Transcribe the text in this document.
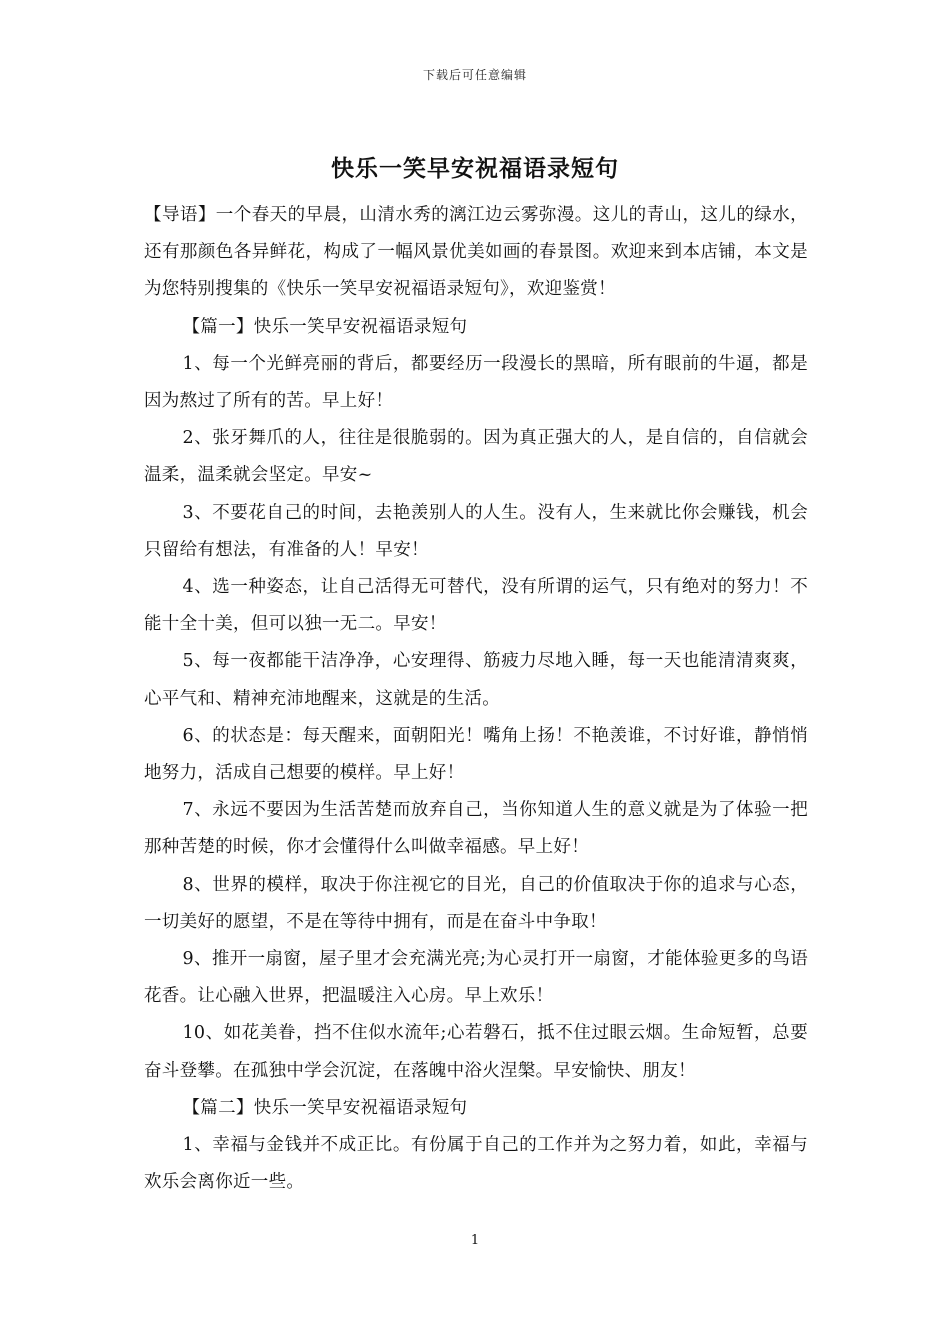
下载后可任意编辑
快乐一笑早安祝福语录短句

【导语】一个春天的早晨，山清水秀的漓江边云雾弥漫。这儿的青山，这儿的绿水，还有那颜色各异鲜花，构成了一幅风景优美如画的春景图。欢迎来到本店铺，本文是为您特别搜集的《快乐一笑早安祝福语录短句》，欢迎鉴赏！

【篇一】快乐一笑早安祝福语录短句

1、每一个光鲜亮丽的背后，都要经历一段漫长的黑暗，所有眼前的牛逼，都是因为熬过了所有的苦。早上好！

2、张牙舞爪的人，往往是很脆弱的。因为真正强大的人，是自信的，自信就会温柔，温柔就会坚定。早安~

3、不要花自己的时间，去艳羡别人的人生。没有人，生来就比你会赚钱，机会只留给有想法，有准备的人！早安！

4、选一种姿态，让自己活得无可替代，没有所谓的运气，只有绝对的努力！不能十全十美，但可以独一无二。早安！

5、每一夜都能干洁净净，心安理得、筋疲力尽地入睡，每一天也能清清爽爽，心平气和、精神充沛地醒来，这就是的生活。

6、的状态是：每天醒来，面朝阳光！嘴角上扬！不艳羡谁，不讨好谁，静悄悄地努力，活成自己想要的模样。早上好！

7、永远不要因为生活苦楚而放弃自己，当你知道人生的意义就是为了体验一把那种苦楚的时候，你才会懂得什么叫做幸福感。早上好！

8、世界的模样，取决于你注视它的目光，自己的价值取决于你的追求与心态，一切美好的愿望，不是在等待中拥有，而是在奋斗中争取！

9、推开一扇窗，屋子里才会充满光亮;为心灵打开一扇窗，才能体验更多的鸟语花香。让心融入世界，把温暖注入心房。早上欢乐！

10、如花美眷，挡不住似水流年;心若磐石，抵不住过眼云烟。生命短暂，总要奋斗登攀。在孤独中学会沉淀，在落魄中浴火涅槃。早安愉快、朋友！

【篇二】快乐一笑早安祝福语录短句

1、幸福与金钱并不成正比。有份属于自己的工作并为之努力着，如此，幸福与欢乐会离你近一些。

1
